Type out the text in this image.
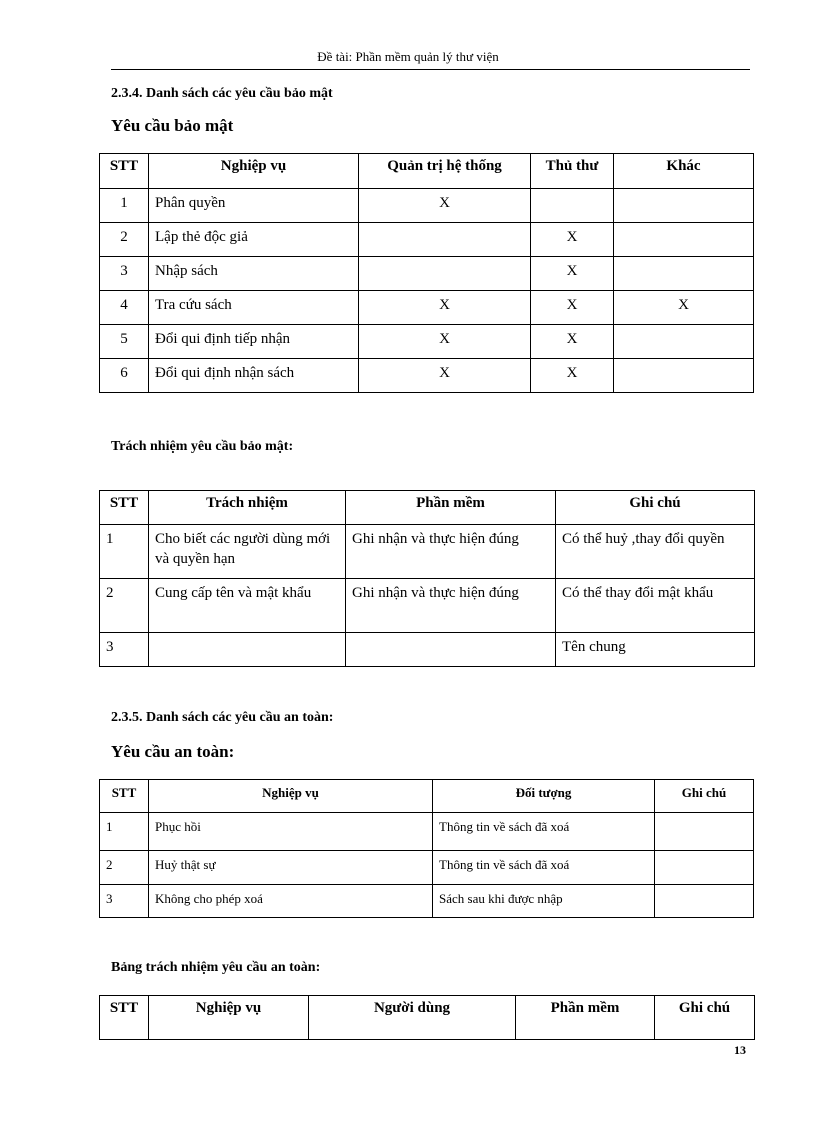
Đề tài: Phần mềm quản lý thư viện
2.3.4. Danh sách các yêu cầu bảo mật
Yêu cầu bảo mật
STT	Nghiệp vụ	Quản trị hệ thống	Thủ thư	Khác
1	Phân quyền	X		
2	Lập thẻ độc giả		X	
3	Nhập sách		X	
4	Tra cứu sách	X	X	X
5	Đổi qui định tiếp nhận	X	X	
6	Đổi qui định nhận sách	X	X	
Trách nhiệm yêu cầu bảo mật:
STT	Trách nhiệm	Phần mềm	Ghi chú
1	Cho biết các người dùng mới và quyền hạn	Ghi nhận và thực hiện đúng	Có thể huỷ ,thay đổi quyền
2	Cung cấp tên và mật khẩu	Ghi nhận và thực hiện đúng	Có thể thay đổi mật khẩu
3			Tên chung
2.3.5. Danh sách các yêu cầu an toàn:
Yêu cầu an toàn:
STT	Nghiệp vụ	Đối tượng	Ghi chú
1	Phục hồi	Thông tin về sách đã xoá	
2	Huỷ thật sự	Thông tin về sách đã xoá	
3	Không cho phép xoá	Sách sau khi được nhập	
Bảng trách nhiệm yêu cầu an toàn:
STT	Nghiệp vụ	Người dùng	Phần mềm	Ghi chú
13
